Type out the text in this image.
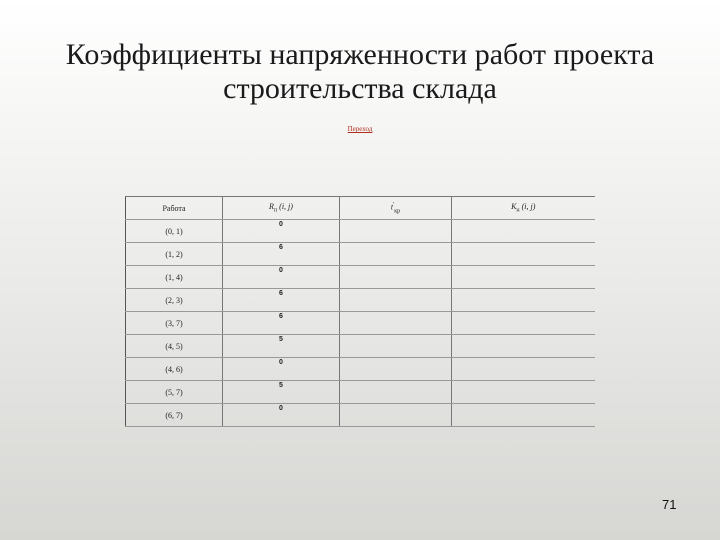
Коэффициенты напряженности работ проекта
строительства склада
Переход
Работа	$R_п$ (i, j)	$t'_{кр}$	$K_н$ (i, j)
(0, 1)	0		
(1, 2)	6		
(1, 4)	0		
(2, 3)	6		
(3, 7)	6		
(4, 5)	5		
(4, 6)	0		
(5, 7)	5		
(6, 7)	0		
71
